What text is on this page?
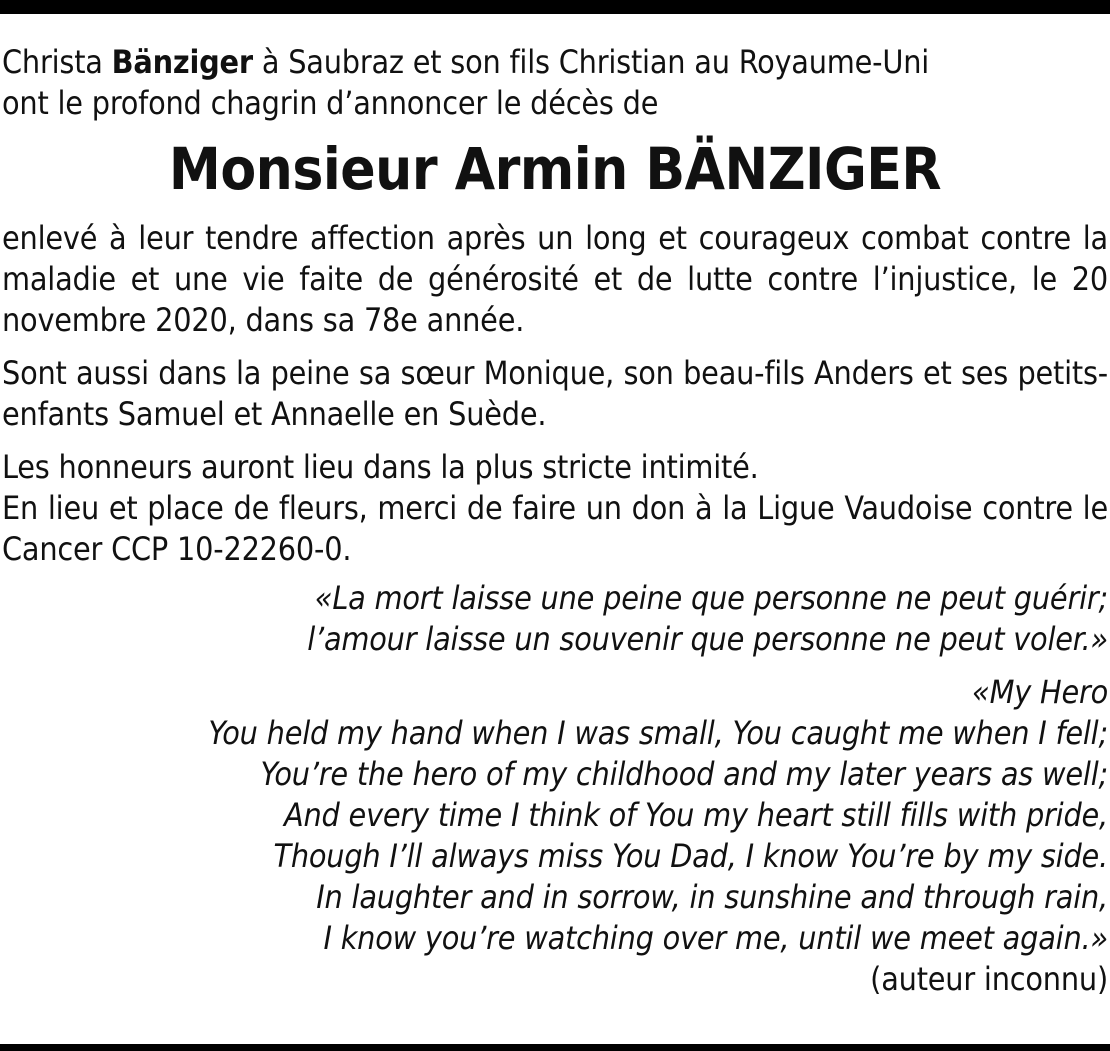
Christa Bänziger à Saubraz et son fils Christian au Royaume-Uni
ont le profond chagrin d’annoncer le décès de

Monsieur Armin BÄNZIGER

enlevé à leur tendre affection après un long et courageux combat contre la maladie et une vie faite de générosité et de lutte contre l’injustice, le 20 novembre 2020, dans sa 78e année.

Sont aussi dans la peine sa sœur Monique, son beau-fils Anders et ses petits-enfants Samuel et Annaelle en Suède.

Les honneurs auront lieu dans la plus stricte intimité.
En lieu et place de fleurs, merci de faire un don à la Ligue Vaudoise contre le Cancer CCP 10-22260-0.

«La mort laisse une peine que personne ne peut guérir;
l’amour laisse un souvenir que personne ne peut voler.»

«My Hero
You held my hand when I was small, You caught me when I fell;
You’re the hero of my childhood and my later years as well;
And every time I think of You my heart still fills with pride,
Though I’ll always miss You Dad, I know You’re by my side.
In laughter and in sorrow, in sunshine and through rain,
I know you’re watching over me, until we meet again.»

(auteur inconnu)
